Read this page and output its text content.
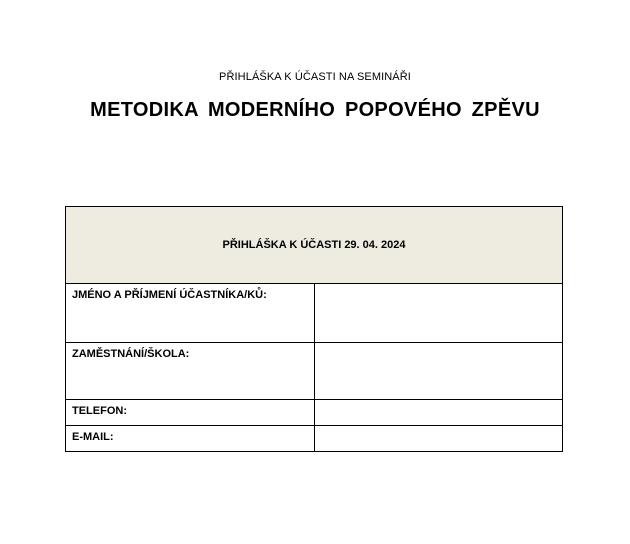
PŘIHLÁŠKA K ÚČASTI NA SEMINÁŘI
METODIKA MODERNÍHO POPOVÉHO ZPĚVU
PŘIHLÁŠKA K ÚČASTI 29. 04. 2024	
JMÉNO A PŘÍJMENÍ ÚČASTNÍKA/KŮ:	
ZAMĚSTNÁNÍ/ŠKOLA:	
TELEFON:	
E-MAIL:	
